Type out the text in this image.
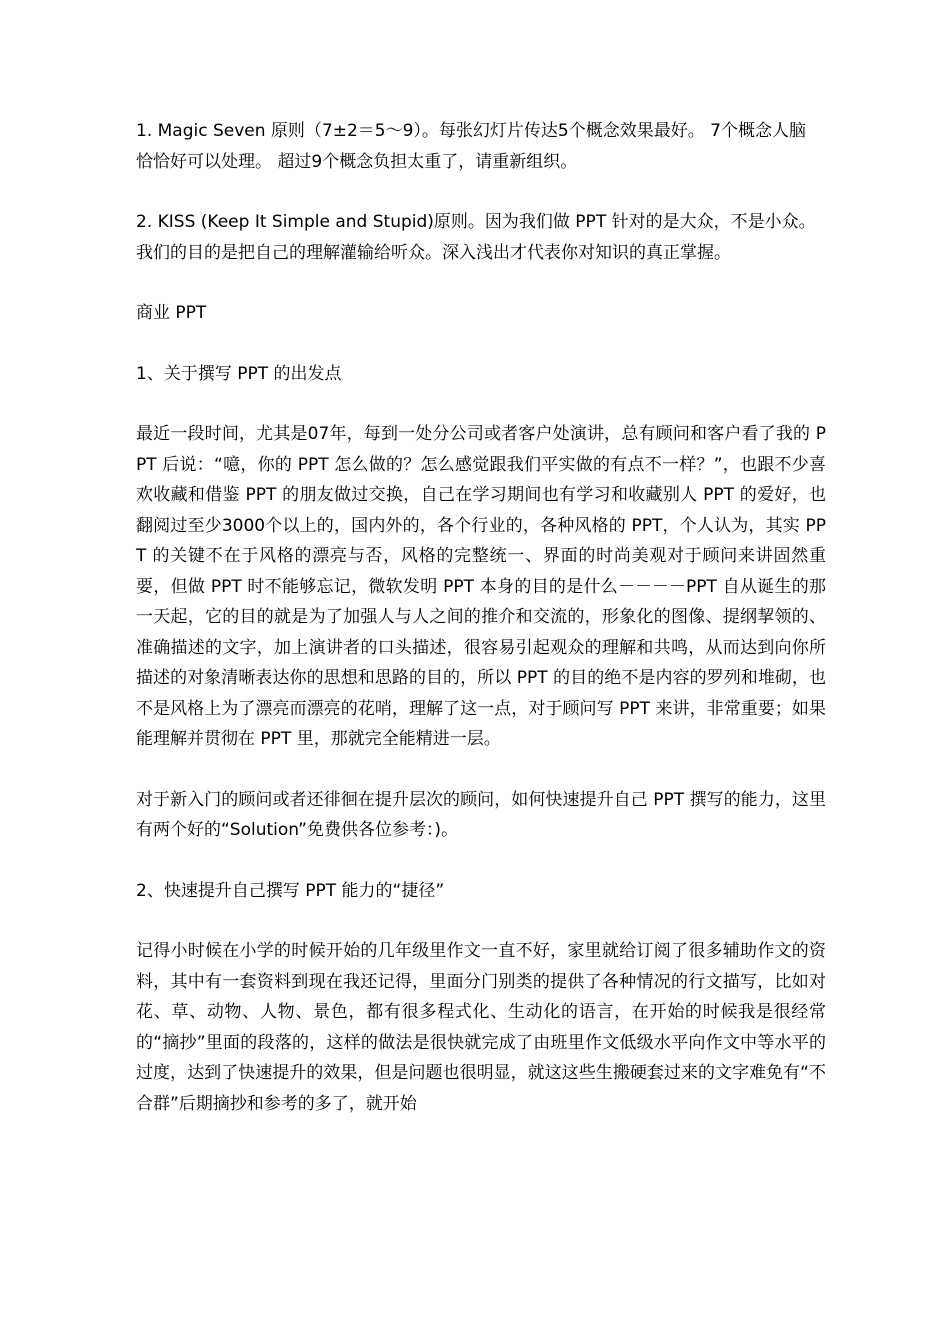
1. Magic Seven 原则（7±2＝5～9）。每张幻灯片传达5个概念效果最好。 7个概念人脑
恰恰好可以处理。 超过9个概念负担太重了，请重新组织。

2. KISS (Keep It Simple and Stupid)原则。因为我们做 PPT 针对的是大众，不是小众。
我们的目的是把自己的理解灌输给听众。深入浅出才代表你对知识的真正掌握。

商业 PPT

1、关于撰写 PPT 的出发点

最近一段时间，尤其是07年，每到一处分公司或者客户处演讲，总有顾问和客户看了我的 PPT 后说：“噫，你的 PPT 怎么做的？怎么感觉跟我们平实做的有点不一样？”，也跟不少喜欢收藏和借鉴 PPT 的朋友做过交换，自己在学习期间也有学习和收藏别人 PPT 的爱好，也翻阅过至少3000个以上的，国内外的，各个行业的，各种风格的 PPT，个人认为，其实 PPT 的关键不在于风格的漂亮与否，风格的完整统一、界面的时尚美观对于顾问来讲固然重要，但做 PPT 时不能够忘记，微软发明 PPT 本身的目的是什么－－－－PPT 自从诞生的那一天起，它的目的就是为了加强人与人之间的推介和交流的，形象化的图像、提纲挈领的、准确描述的文字，加上演讲者的口头描述，很容易引起观众的理解和共鸣，从而达到向你所描述的对象清晰表达你的思想和思路的目的，所以 PPT 的目的绝不是内容的罗列和堆砌，也不是风格上为了漂亮而漂亮的花哨，理解了这一点，对于顾问写 PPT 来讲，非常重要；如果能理解并贯彻在 PPT 里，那就完全能精进一层。

对于新入门的顾问或者还徘徊在提升层次的顾问，如何快速提升自己 PPT 撰写的能力，这里有两个好的“Solution”免费供各位参考：)。

2、快速提升自己撰写 PPT 能力的“捷径”

记得小时候在小学的时候开始的几年级里作文一直不好，家里就给订阅了很多辅助作文的资料，其中有一套资料到现在我还记得，里面分门别类的提供了各种情况的行文描写，比如对花、草、动物、人物、景色，都有很多程式化、生动化的语言，在开始的时候我是很经常的“摘抄”里面的段落的，这样的做法是很快就完成了由班里作文低级水平向作文中等水平的过度，达到了快速提升的效果，但是问题也很明显，就这这些生搬硬套过来的文字难免有“不合群”后期摘抄和参考的多了，就开始
